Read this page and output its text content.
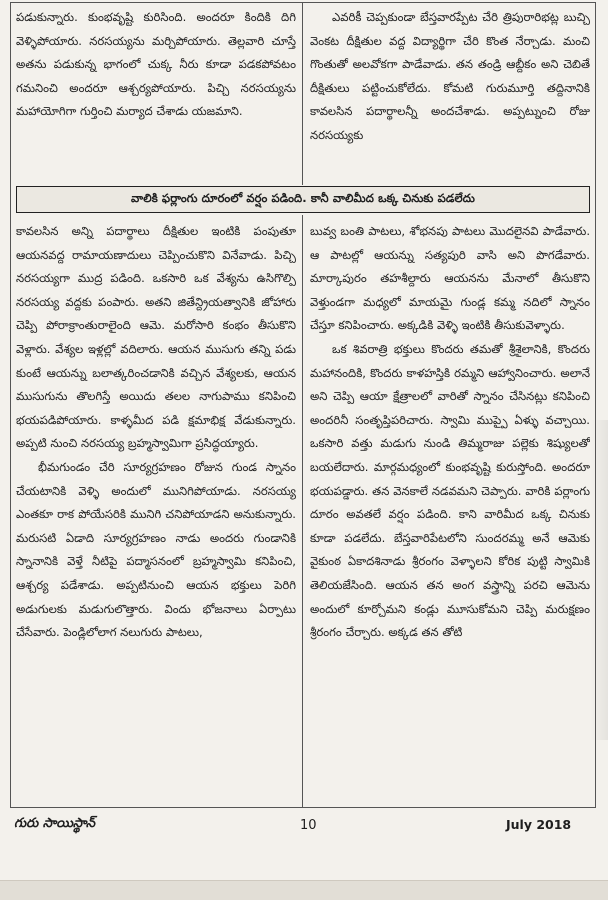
పడుకున్నారు. కుంభవృష్టి కురిసింది. అందరూ కిందికి దిగి వెళ్ళిపోయారు. నరసయ్యను మర్చిపోయారు. తెల్లవారి చూస్తే అతను పడుకున్న భాగంలో చుక్క నీరు కూడా పడకపోవటం గమనించి అందరూ ఆశ్చర్యపోయారు. పిచ్చి నరసయ్యను మహాయోగిగా గుర్తించి మర్యాద చేశాడు యజమాని.

ఎవరికీ చెప్పకుండా బేస్తవారప్పేట చేరి త్రిపురారిభట్ల బుచ్చి వెంకట దీక్షితుల వద్ద విద్యార్థిగా చేరి కొంత నేర్చాడు. మంచి గొంతుతో అలవోకగా పాడేవాడు. తన తండ్రి ఆబ్దీకం అని చెబితే దీక్షితులు పట్టించుకోలేదు. కోమటి గురుమూర్తి తద్దినానికి కావలసిన పదార్థాలన్నీ అందచేశాడు. అప్పట్నుంచి రోజు నరసయ్యకు

వాలికి ఫర్లాంగు దూరంలో వర్షం పడింది. కానీ వాలిమీద ఒక్క చినుకు పడలేదు

కావలసిన అన్ని పదార్థాలు దీక్షితుల ఇంటికి పంపుతూ ఆయనవద్ద రామాయణాదులు చెప్పించుకొని వినేవాడు. పిచ్చి నరసయ్యగా ముద్ర పడింది. ఒకసారి ఒక వేశ్యను ఉసిగొల్పి నరసయ్య వద్దకు పంపారు. అతని జితేన్ద్రియత్వానికి జోహారు చెప్పి పోరాక్రాంతురాలైంది ఆమె. మరోసారి కంభం తీసుకొని వెళ్లారు. వేశ్యల ఇళ్లల్లో వదిలారు. ఆయన ముసుగు తన్ని పడు కుంటే ఆయన్ను బలాత్కరించడానికి వచ్చిన వేశ్యలకు, ఆయన ముసుగును తొలగిస్తే అయిదు తలల నాగుపాము కనిపించి భయపడిపోయారు. కాళ్ళమీద పడి క్షమాభిక్ష వేడుకున్నారు. అప్పటి నుంచి నరసయ్య బ్రహ్మస్వామిగా ప్రసిద్ధయ్యారు.

భీమగుండం చేరి సూర్యగ్రహణం రోజున గుండ స్నానం చేయటానికి వెళ్ళి అందులో మునిగిపోయాడు. నరసయ్య ఎంతకూ రాక పోయేసరికి మునిగి చనిపోయాడని అనుకున్నారు. మరుసటి ఏడాది సూర్యగ్రహణం నాడు అందరు గుండానికి స్నానానికి వెళ్తే నీటిపై పద్మాసనంలో బ్రహ్మస్వామి కనిపించి, ఆశ్చర్య పడేశాడు. అప్పటినుంచి ఆయన భక్తులు పెరిగి అడుగులకు మడుగులొత్తారు. విందు భోజనాలు ఏర్పాటు చేసేవారు. పెండ్లిలోలాగ నలుగురు పాటలు,

బువ్వ బంతి పాటలు, శోభనపు పాటలు మొదలైనవి పాడేవారు. ఆ పాటల్లో ఆయన్ను సత్యపురి వాసి అని పొగడేవారు. మార్కాపురం తహశీల్దారు ఆయనను మేనాలో తీసుకొని వెళ్తుండగా మధ్యలో మాయమై గుండ్ల కమ్మ నదిలో స్నానం చేస్తూ కనిపించారు. అక్కడికి వెళ్ళి ఇంటికి తీసుకువెళ్ళారు.

ఒక శివరాత్రి భక్తులు కొందరు తమతో శ్రీశైలానికి, కొందరు మహానందికి, కొందరు కాళహస్తికి రమ్మని ఆహ్వానించారు. అలానే అని చెప్పి ఆయా క్షేత్రాలలో వారితో స్నానం చేసినట్లు కనిపించి అందరినీ సంతృప్తిపరిచారు. స్వామి ముప్పై ఏళ్ళు వచ్చాయి. ఒకసారి వత్తు మడుగు నుండి తిమ్మరాజు పల్లెకు శిష్యులతో బయలేదారు. మార్గమధ్యంలో కుంభవృష్టి కురుస్తోంది. అందరూ భయపడ్డారు. తన వెనకాలే నడవమని చెప్పారు. వారికి పర్లాంగు దూరం అవతలే వర్షం పడింది. కాని వారిమీద ఒక్క చినుకు కూడా పడలేదు. బేస్తవారిపేటలోని సుందరమ్మ అనే ఆమెకు వైకుంఠ ఏకాదశినాడు శ్రీరంగం వెళ్ళాలని కోరిక పుట్టి స్వామికి తెలియజేసింది. ఆయన తన అంగ వస్త్రాన్ని పరచి ఆమెను అందులో కూర్చోమని కండ్లు మూసుకోమని చెప్పి మరుక్షణం శ్రీరంగం చేర్చారు. అక్కడ తన తోటి

గురు సాయిస్థాన్	10	July 2018
